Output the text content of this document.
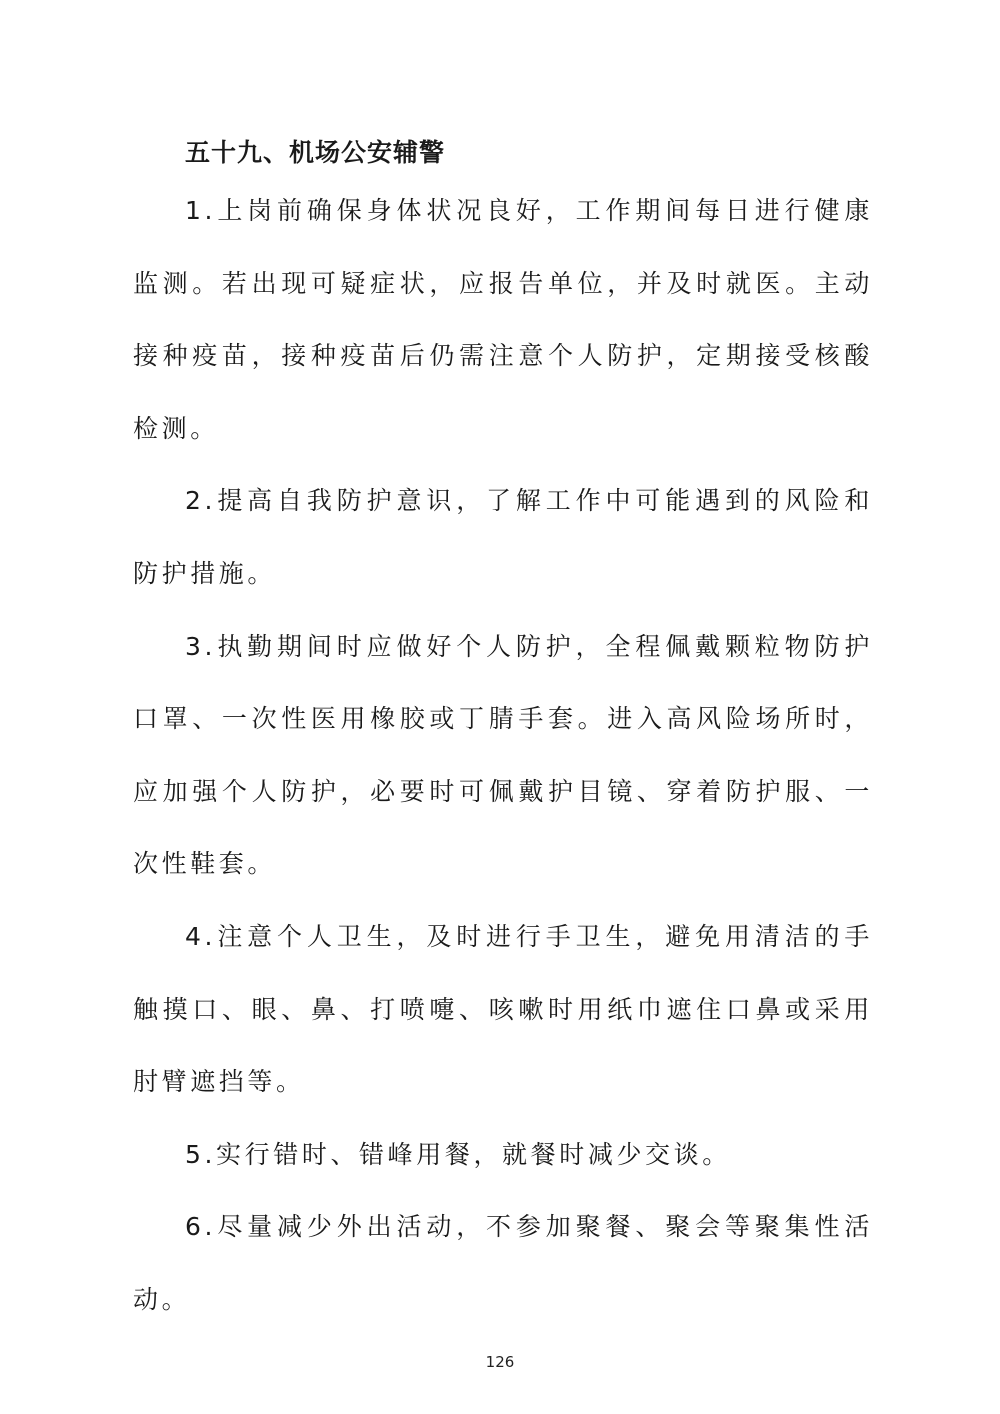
五十九、机场公安辅警

1.上岗前确保身体状况良好，工作期间每日进行健康监测。若出现可疑症状，应报告单位，并及时就医。主动接种疫苗，接种疫苗后仍需注意个人防护，定期接受核酸检测。

2.提高自我防护意识，了解工作中可能遇到的风险和防护措施。

3.执勤期间时应做好个人防护，全程佩戴颗粒物防护口罩、一次性医用橡胶或丁腈手套。进入高风险场所时，应加强个人防护，必要时可佩戴护目镜、穿着防护服、一次性鞋套。

4.注意个人卫生，及时进行手卫生，避免用清洁的手触摸口、眼、鼻、打喷嚏、咳嗽时用纸巾遮住口鼻或采用肘臂遮挡等。

5.实行错时、错峰用餐，就餐时减少交谈。

6.尽量减少外出活动，不参加聚餐、聚会等聚集性活动。

126
